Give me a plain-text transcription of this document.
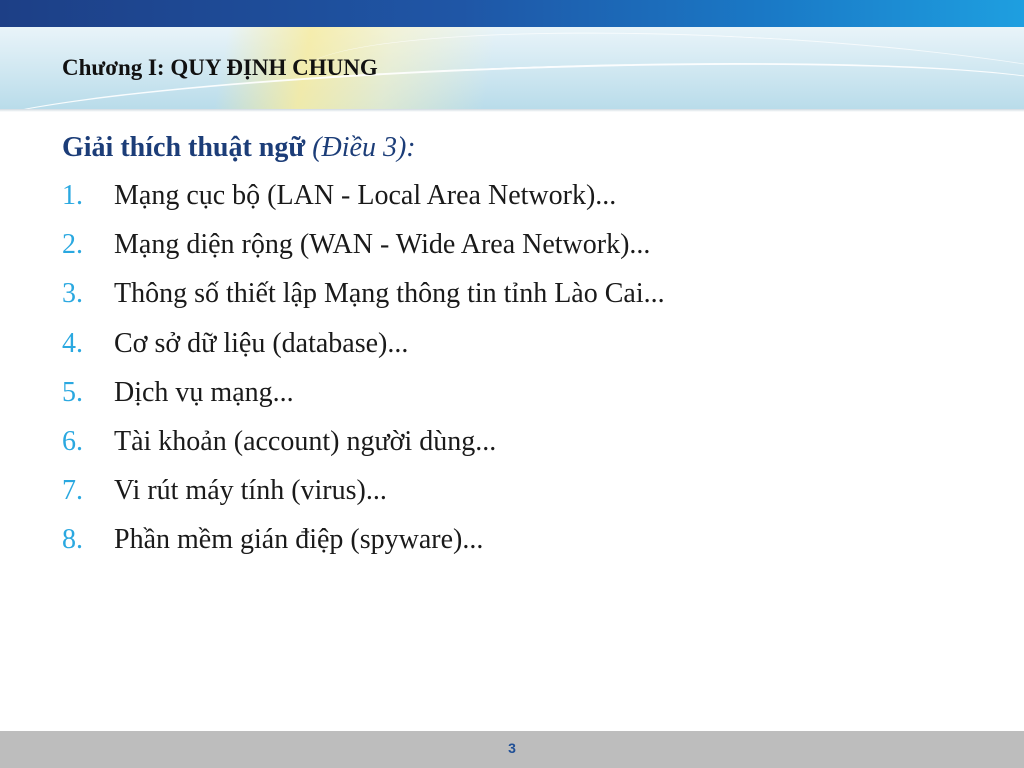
Chương I: QUY ĐỊNH CHUNG

Giải thích thuật ngữ (Điều 3):

1.	Mạng cục bộ (LAN - Local Area Network)...
2.	Mạng diện rộng (WAN - Wide Area Network)...
3.	Thông số thiết lập Mạng thông tin tỉnh Lào Cai...
4.	Cơ sở dữ liệu (database)...
5.	Dịch vụ mạng...
6.	Tài khoản (account) người dùng...
7.	Vi rút máy tính (virus)...
8.	Phần mềm gián điệp (spyware)...
3
